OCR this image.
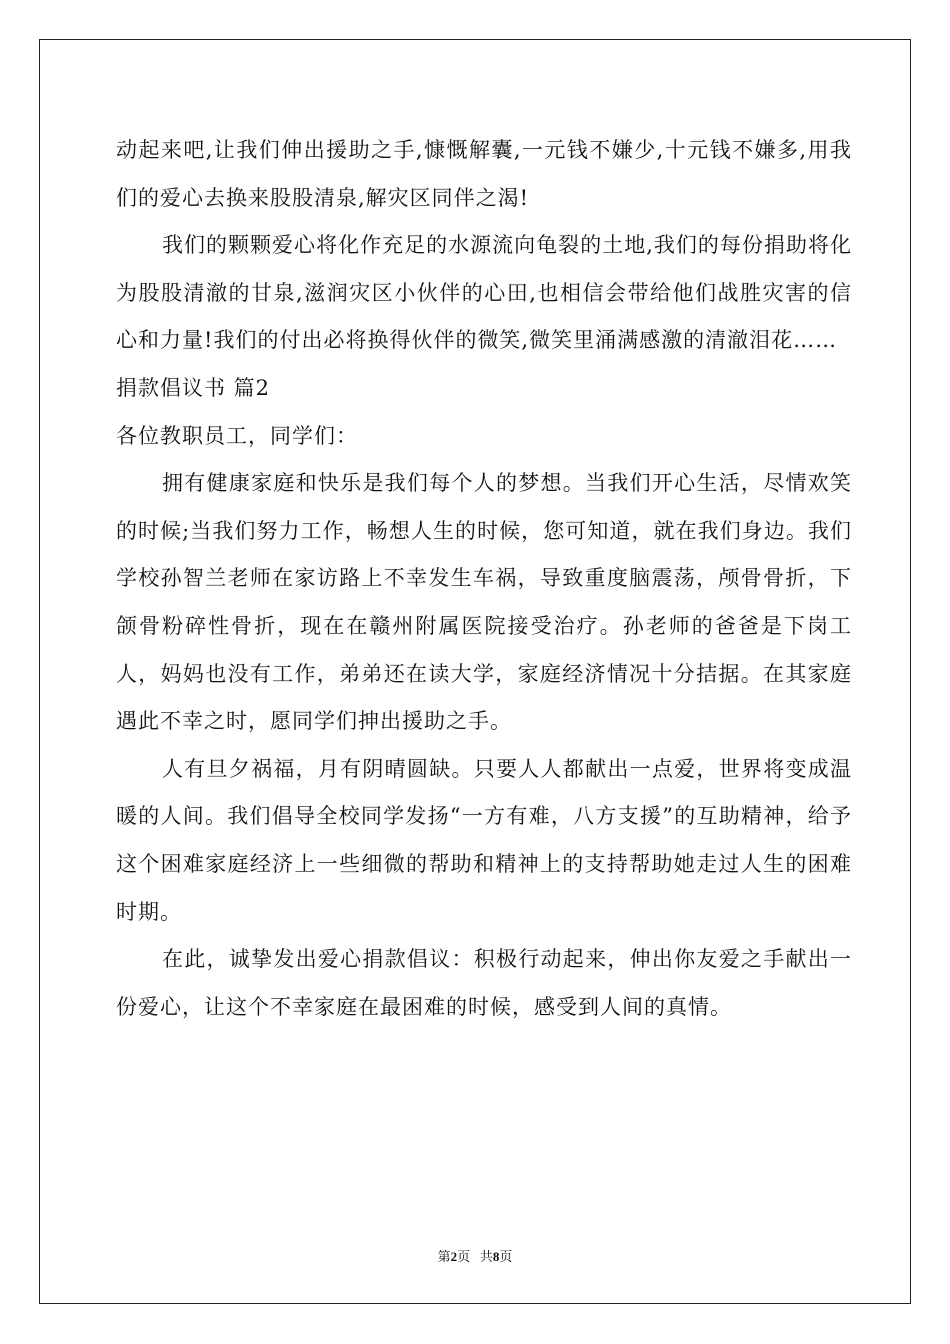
动起来吧,让我们伸出援助之手,慷慨解囊,一元钱不嫌少,十元钱不嫌多,用我们的爱心去换来股股清泉,解灾区同伴之渴!

我们的颗颗爱心将化作充足的水源流向龟裂的土地,我们的每份捐助将化为股股清澈的甘泉,滋润灾区小伙伴的心田,也相信会带给他们战胜灾害的信心和力量!我们的付出必将换得伙伴的微笑,微笑里涌满感激的清澈泪花……

捐款倡议书 篇2

各位教职员工，同学们：

拥有健康家庭和快乐是我们每个人的梦想。当我们开心生活，尽情欢笑的时候;当我们努力工作，畅想人生的时候，您可知道，就在我们身边。我们学校孙智兰老师在家访路上不幸发生车祸，导致重度脑震荡，颅骨骨折，下颌骨粉碎性骨折，现在在赣州附属医院接受治疗。孙老师的爸爸是下岗工人，妈妈也没有工作，弟弟还在读大学，家庭经济情况十分拮据。在其家庭遇此不幸之时，愿同学们抻出援助之手。

人有旦夕祸福，月有阴晴圆缺。只要人人都献出一点爱，世界将变成温暖的人间。我们倡导全校同学发扬“一方有难，八方支援”的互助精神，给予这个困难家庭经济上一些细微的帮助和精神上的支持帮助她走过人生的困难时期。

在此，诚挚发出爱心捐款倡议：积极行动起来，伸出你友爱之手献出一份爱心，让这个不幸家庭在最困难的时候，感受到人间的真情。

第2页 共8页
